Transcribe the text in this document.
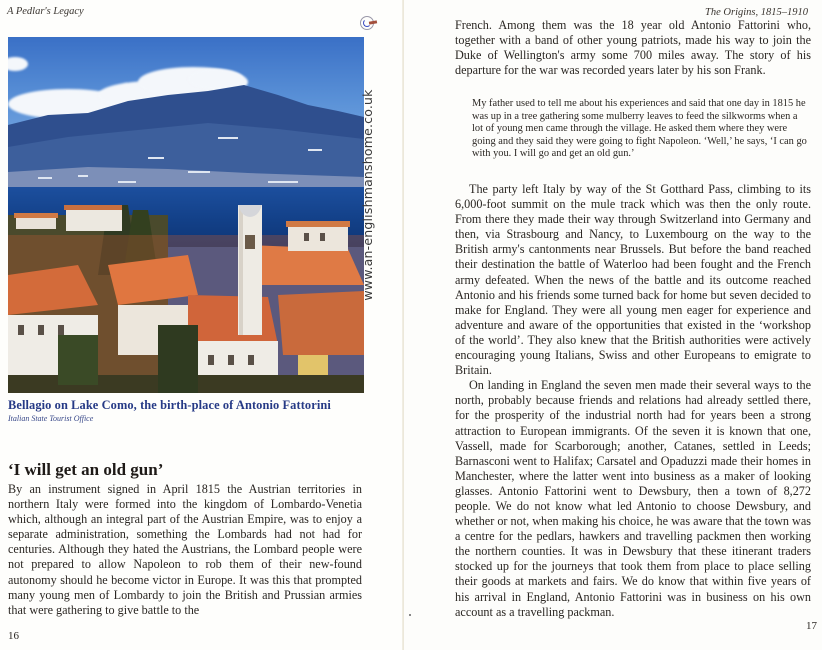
A Pedlar's Legacy
Bellagio on Lake Como, the birth-place of Antonio Fattorini
Italian State Tourist Office
‘I will get an old gun’
By an instrument signed in April 1815 the Austrian territories in northern Italy were formed into the kingdom of Lombardo-Venetia which, although an integral part of the Austrian Empire, was to enjoy a separate administration, something the Lombards had not had for centuries. Although they hated the Austrians, the Lombard people were not prepared to allow Napoleon to rob them of their new-found autonomy should he become victor in Europe. It was this that prompted many young men of Lombardy to join the British and Prussian armies that were gathering to give battle to the
16
www.an-englishmanshome.co.uk
The Origins, 1815–1910
French. Among them was the 18 year old Antonio Fattorini who, together with a band of other young patriots, made his way to join the Duke of Wellington's army some 700 miles away. The story of his departure for the war was recorded years later by his son Frank.
My father used to tell me about his experiences and said that one day in 1815 he was up in a tree gathering some mulberry leaves to feed the silkworms when a lot of young men came through the village. He asked them where they were going and they said they were going to fight Napoleon. ‘Well,’ he says, ‘I can go with you. I will go and get an old gun.’

The party left Italy by way of the St Gotthard Pass, climbing to its 6,000-foot summit on the mule track which was then the only route. From there they made their way through Switzerland into Germany and then, via Strasbourg and Nancy, to Luxembourg on the way to the British army's cantonments near Brussels. But before the band reached their destination the battle of Waterloo had been fought and the French army defeated. When the news of the battle and its outcome reached Antonio and his friends some turned back for home but seven decided to make for England. They were all young men eager for experience and adventure and aware of the opportunities that existed in the ‘workshop of the world’. They also knew that the British authorities were actively encouraging young Italians, Swiss and other Europeans to emigrate to Britain.

On landing in England the seven men made their several ways to the north, probably because friends and relations had already settled there, for the prosperity of the industrial north had for years been a strong attraction to European immigrants. Of the seven it is known that one, Vassell, made for Scarborough; another, Catanes, settled in Leeds; Barnasconi went to Halifax; Carsatel and Opaduzzi made their homes in Manchester, where the latter went into business as a maker of looking glasses. Antonio Fattorini went to Dewsbury, then a town of 8,272 people. We do not know what led Antonio to choose Dewsbury, and whether or not, when making his choice, he was aware that the town was a centre for the pedlars, hawkers and travelling packmen then working the northern counties. It was in Dewsbury that these itinerant traders stocked up for the journeys that took them from place to place selling their goods at markets and fairs. We do know that within five years of his arrival in England, Antonio Fattorini was in business on his own account as a travelling packman.

17
